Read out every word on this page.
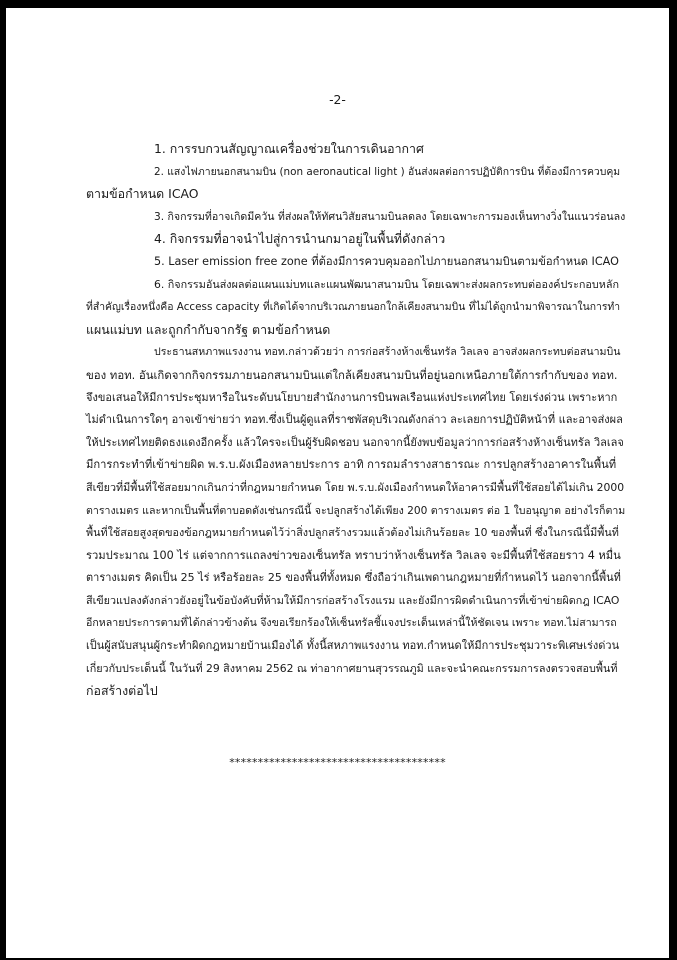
-2-

1. การรบกวนสัญญาณเครื่องช่วยในการเดินอากาศ

2. แสงไฟภายนอกสนามบิน (non aeronautical light ) อันส่งผลต่อการปฏิบัติการบิน ที่ต้องมีการควบคุม

ตามข้อกำหนด ICAO

3. กิจกรรมที่อาจเกิดมีควัน ที่ส่งผลให้ทัศนวิสัยสนามบินลดลง โดยเฉพาะการมองเห็นทางวิ่งในแนวร่อนลง

4. กิจกรรมที่อาจนำไปสู่การนำนกมาอยู่ในพื้นที่ดังกล่าว

5. Laser emission free zone ที่ต้องมีการควบคุมออกไปภายนอกสนามบินตามข้อกำหนด ICAO

6. กิจกรรมอันส่งผลต่อแผนแม่บทและแผนพัฒนาสนามบิน โดยเฉพาะส่งผลกระทบต่อองค์ประกอบหลัก

ที่สำคัญเรื่องหนึ่งคือ Access capacity ที่เกิดได้จากบริเวณภายนอกใกล้เคียงสนามบิน ที่ไม่ได้ถูกนำมาพิจารณาในการทำ

แผนแม่บท และถูกกำกับจากรัฐ ตามข้อกำหนด

ประธานสหภาพแรงงาน ทอท.กล่าวด้วยว่า การก่อสร้างห้างเซ็นทรัล วิลเลจ อาจส่งผลกระทบต่อสนามบิน

ของ ทอท. อันเกิดจากกิจกรรมภายนอกสนามบินแต่ใกล้เคียงสนามบินที่อยู่นอกเหนือภายใต้การกำกับของ ทอท.

จึงขอเสนอให้มีการประชุมหารือในระดับนโยบายสำนักงานการบินพลเรือนแห่งประเทศไทย โดยเร่งด่วน เพราะหาก

ไม่ดำเนินการใดๆ อาจเข้าข่ายว่า ทอท.ซึ่งเป็นผู้ดูแลที่ราชพัสดุบริเวณดังกล่าว ละเลยการปฏิบัติหน้าที่ และอาจส่งผล

ให้ประเทศไทยติดธงแดงอีกครั้ง แล้วใครจะเป็นผู้รับผิดชอบ นอกจากนี้ยังพบข้อมูลว่าการก่อสร้างห้างเซ็นทรัล วิลเลจ

มีการกระทำที่เข้าข่ายผิด พ.ร.บ.ผังเมืองหลายประการ อาทิ การถมลำรางสาธารณะ การปลูกสร้างอาคารในพื้นที่

สีเขียวที่มีพื้นที่ใช้สอยมากเกินกว่าที่กฎหมายกำหนด โดย พ.ร.บ.ผังเมืองกำหนดให้อาคารมีพื้นที่ใช้สอยได้ไม่เกิน 2000

ตารางเมตร และหากเป็นพื้นที่ตาบอดดังเช่นกรณีนี้ จะปลูกสร้างได้เพียง 200 ตารางเมตร ต่อ 1 ใบอนุญาต อย่างไรก็ตาม

พื้นที่ใช้สอยสูงสุดของข้อกฎหมายกำหนดไว้ว่าสิ่งปลูกสร้างรวมแล้วต้องไม่เกินร้อยละ 10 ของพื้นที่ ซึ่งในกรณีนี้มีพื้นที่

รวมประมาณ 100 ไร่ แต่จากการแถลงข่าวของเซ็นทรัล ทราบว่าห้างเซ็นทรัล วิลเลจ จะมีพื้นที่ใช้สอยราว 4 หมื่น

ตารางเมตร คิดเป็น 25 ไร่ หรือร้อยละ 25 ของพื้นที่ทั้งหมด ซึ่งถือว่าเกินเพดานกฎหมายที่กำหนดไว้ นอกจากนี้พื้นที่

สีเขียวแปลงดังกล่าวยังอยู่ในข้อบังคับที่ห้ามให้มีการก่อสร้างโรงแรม และยังมีการผิดดำเนินการที่เข้าข่ายผิดกฎ ICAO

อีกหลายประการตามที่ได้กล่าวข้างต้น จึงขอเรียกร้องให้เซ็นทรัลชี้แจงประเด็นเหล่านี้ให้ชัดเจน เพราะ ทอท.ไม่สามารถ

เป็นผู้สนับสนุนผู้กระทำผิดกฎหมายบ้านเมืองได้ ทั้งนี้สหภาพแรงงาน ทอท.กำหนดให้มีการประชุมวาระพิเศษเร่งด่วน

เกี่ยวกับประเด็นนี้ ในวันที่ 29 สิงหาคม 2562 ณ ท่าอากาศยานสุวรรณภูมิ และจะนำคณะกรรมการลงตรวจสอบพื้นที่

ก่อสร้างต่อไป

**************************************
